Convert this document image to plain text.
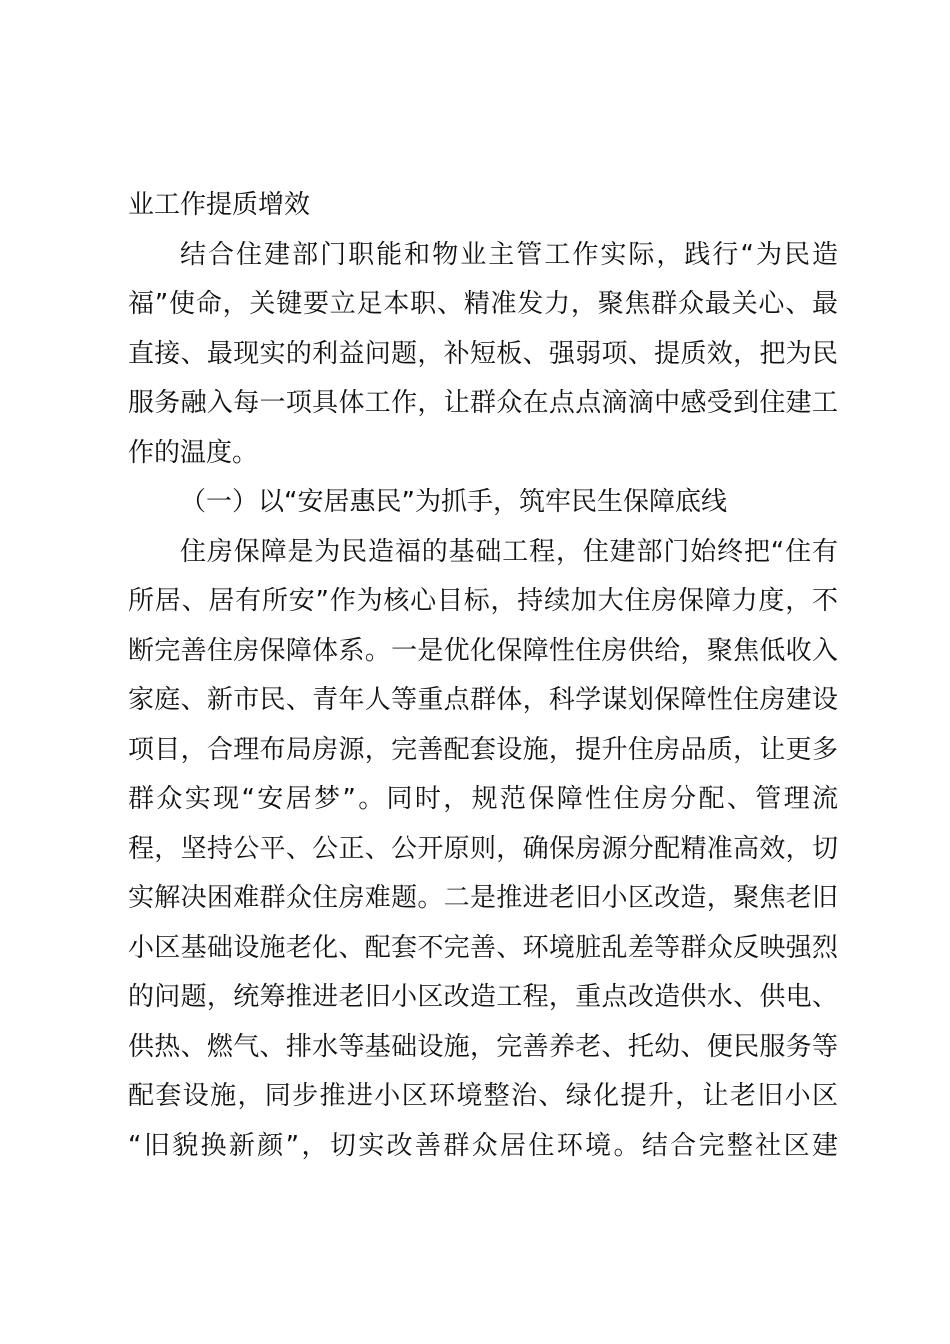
业工作提质增效
结合住建部门职能和物业主管工作实际，践行“为民造
福”使命，关键要立足本职、精准发力，聚焦群众最关心、最
直接、最现实的利益问题，补短板、强弱项、提质效，把为民
服务融入每一项具体工作，让群众在点点滴滴中感受到住建工
作的温度。
（一）以“安居惠民”为抓手，筑牢民生保障底线
住房保障是为民造福的基础工程，住建部门始终把“住有
所居、居有所安”作为核心目标，持续加大住房保障力度，不
断完善住房保障体系。一是优化保障性住房供给，聚焦低收入
家庭、新市民、青年人等重点群体，科学谋划保障性住房建设
项目，合理布局房源，完善配套设施，提升住房品质，让更多
群众实现“安居梦”。同时，规范保障性住房分配、管理流
程，坚持公平、公正、公开原则，确保房源分配精准高效，切
实解决困难群众住房难题。二是推进老旧小区改造，聚焦老旧
小区基础设施老化、配套不完善、环境脏乱差等群众反映强烈
的问题，统筹推进老旧小区改造工程，重点改造供水、供电、
供热、燃气、排水等基础设施，完善养老、托幼、便民服务等
配套设施，同步推进小区环境整治、绿化提升，让老旧小区
“旧貌换新颜”，切实改善群众居住环境。结合完整社区建
